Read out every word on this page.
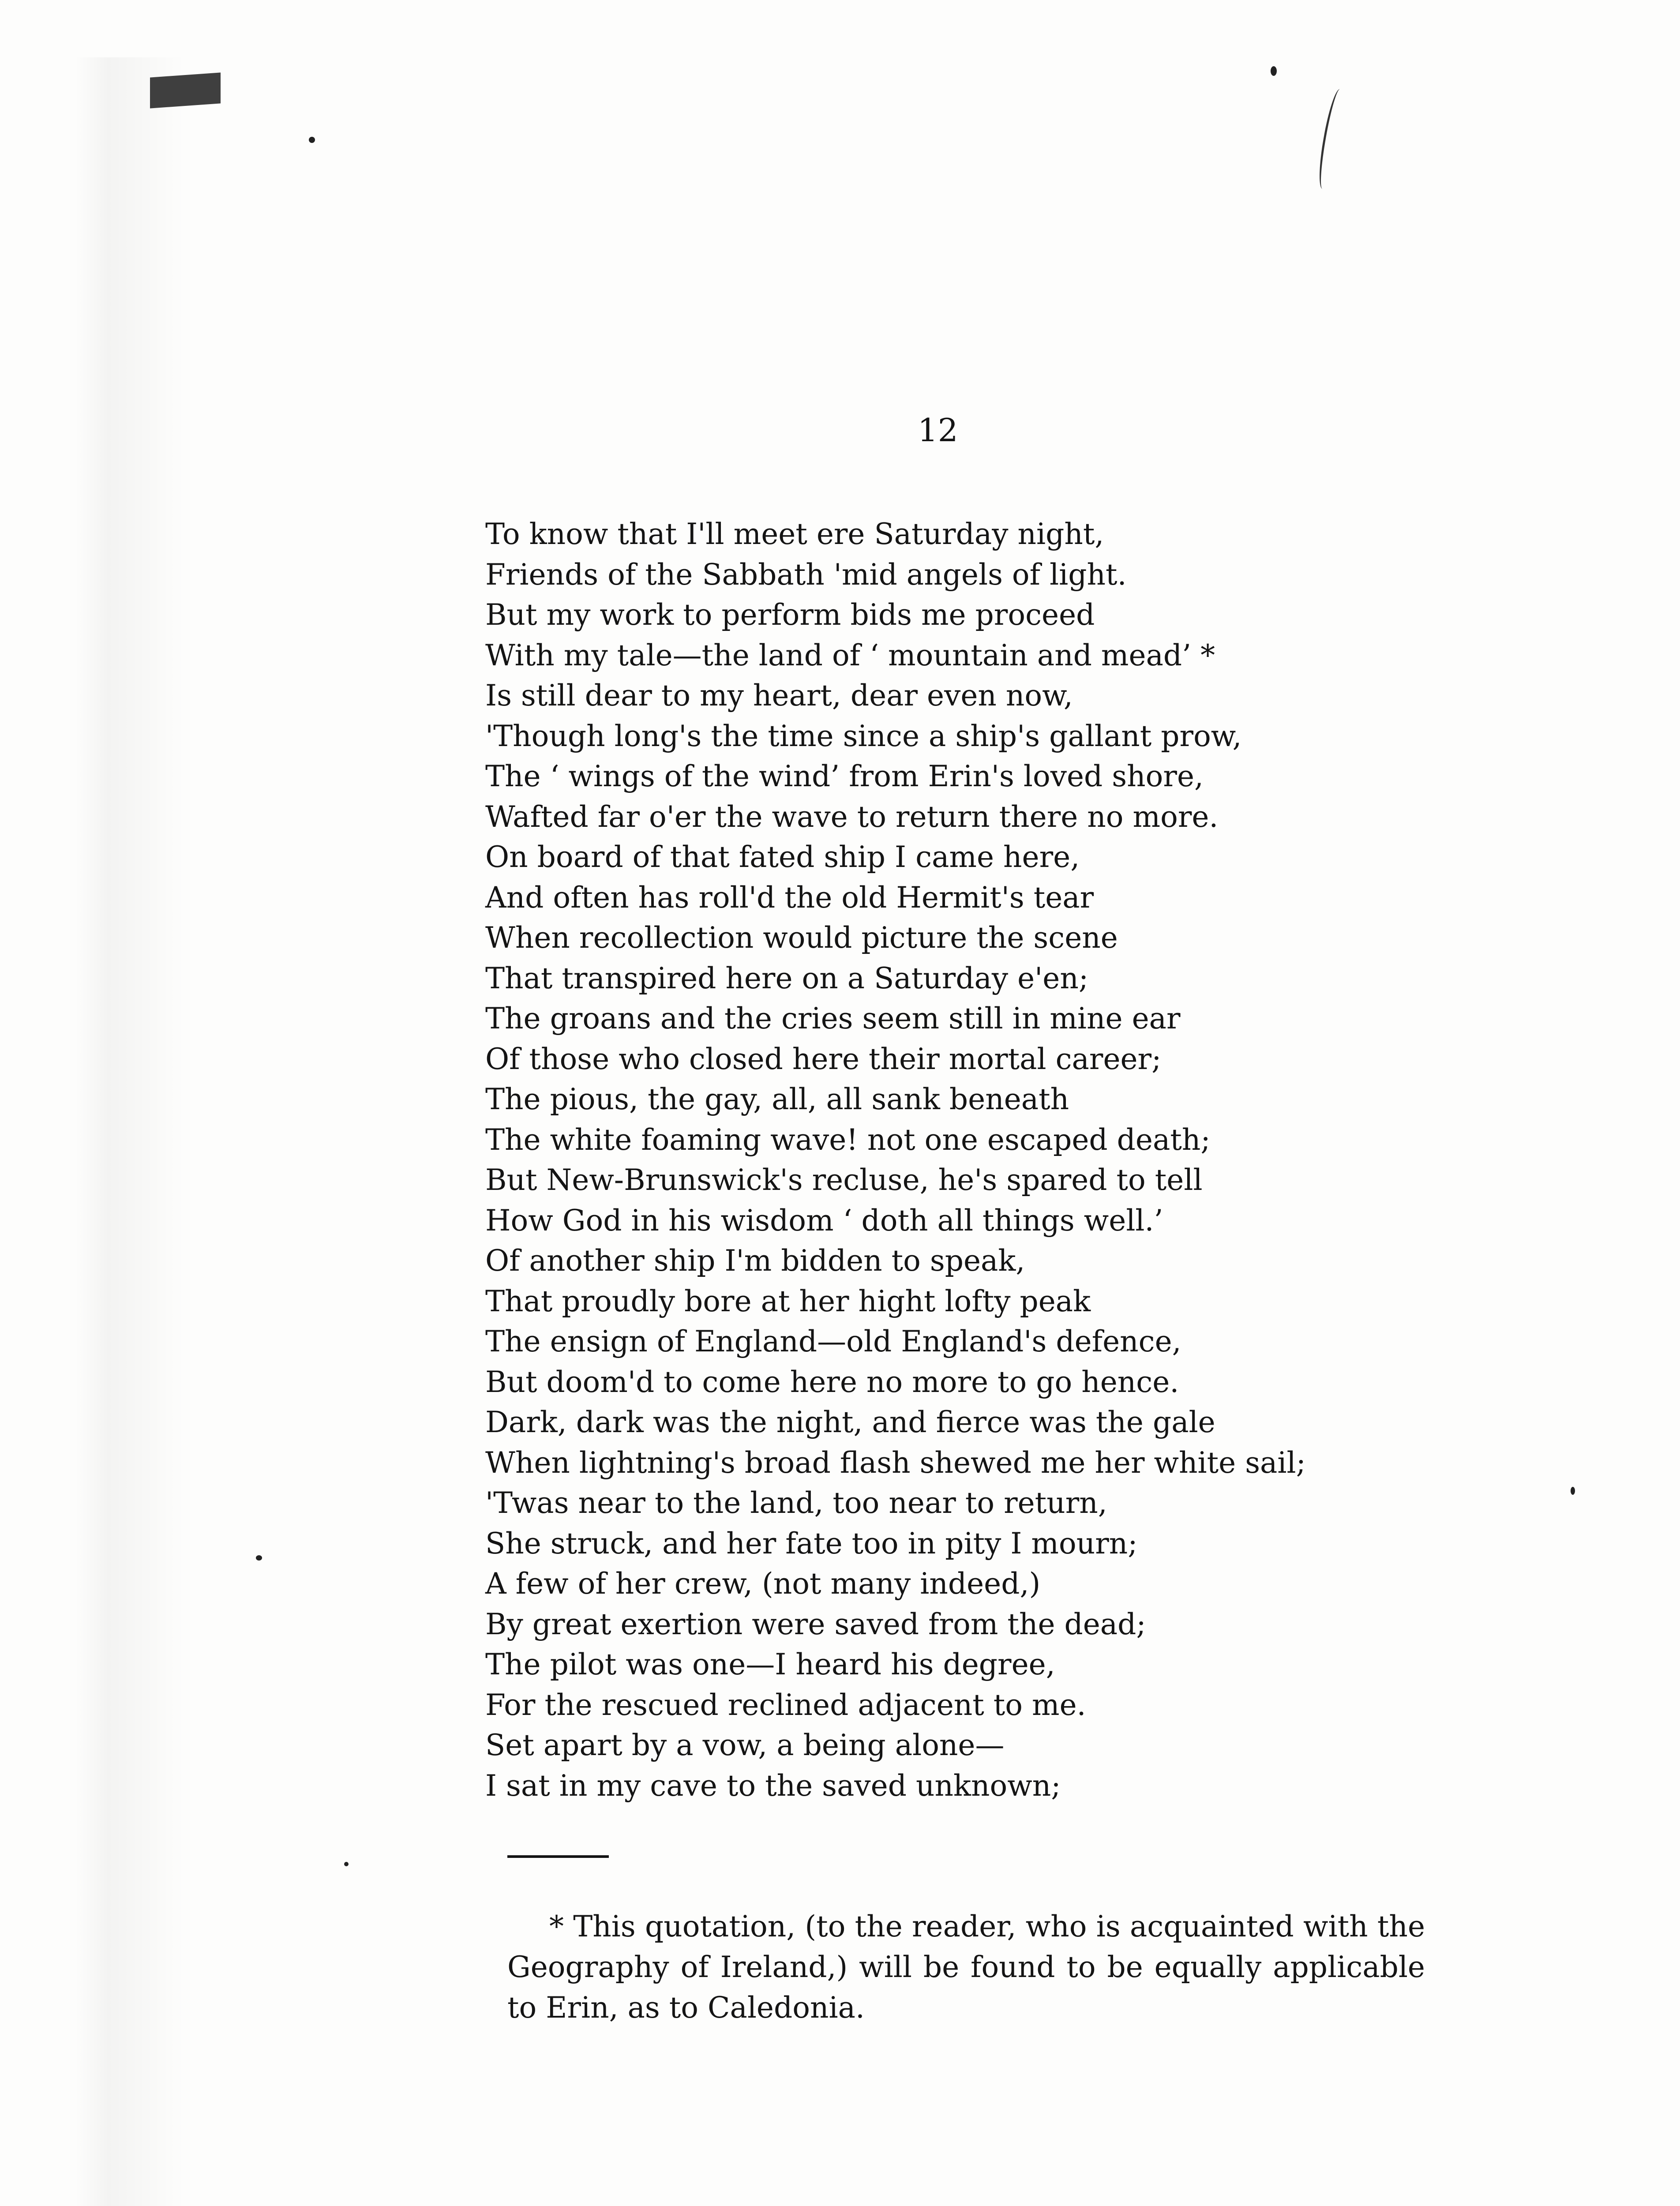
12
To know that I'll meet ere Saturday night,
Friends of the Sabbath 'mid angels of light.
But my work to perform bids me proceed
With my tale—the land of ‘ mountain and mead’ *
Is still dear to my heart, dear even now,
'Though long's the time since a ship's gallant prow,
The ‘ wings of the wind’ from Erin's loved shore,
Wafted far o'er the wave to return there no more.
On board of that fated ship I came here,
And often has roll'd the old Hermit's tear
When recollection would picture the scene
That transpired here on a Saturday e'en;
The groans and the cries seem still in mine ear
Of those who closed here their mortal career;
The pious, the gay, all, all sank beneath
The white foaming wave! not one escaped death;
But New-Brunswick's recluse, he's spared to tell
How God in his wisdom ‘ doth all things well.’
Of another ship I'm bidden to speak,
That proudly bore at her hight lofty peak
The ensign of England—old England's defence,
But doom'd to come here no more to go hence.
Dark, dark was the night, and fierce was the gale
When lightning's broad flash shewed me her white sail;
'Twas near to the land, too near to return,
She struck, and her fate too in pity I mourn;
A few of her crew, (not many indeed,)
By great exertion were saved from the dead;
The pilot was one—I heard his degree,
For the rescued reclined adjacent to me.
Set apart by a vow, a being alone—
I sat in my cave to the saved unknown;

* This quotation, (to the reader, who is acquainted with the Geography of Ireland,) will be found to be equally applicable to Erin, as to Caledonia.
